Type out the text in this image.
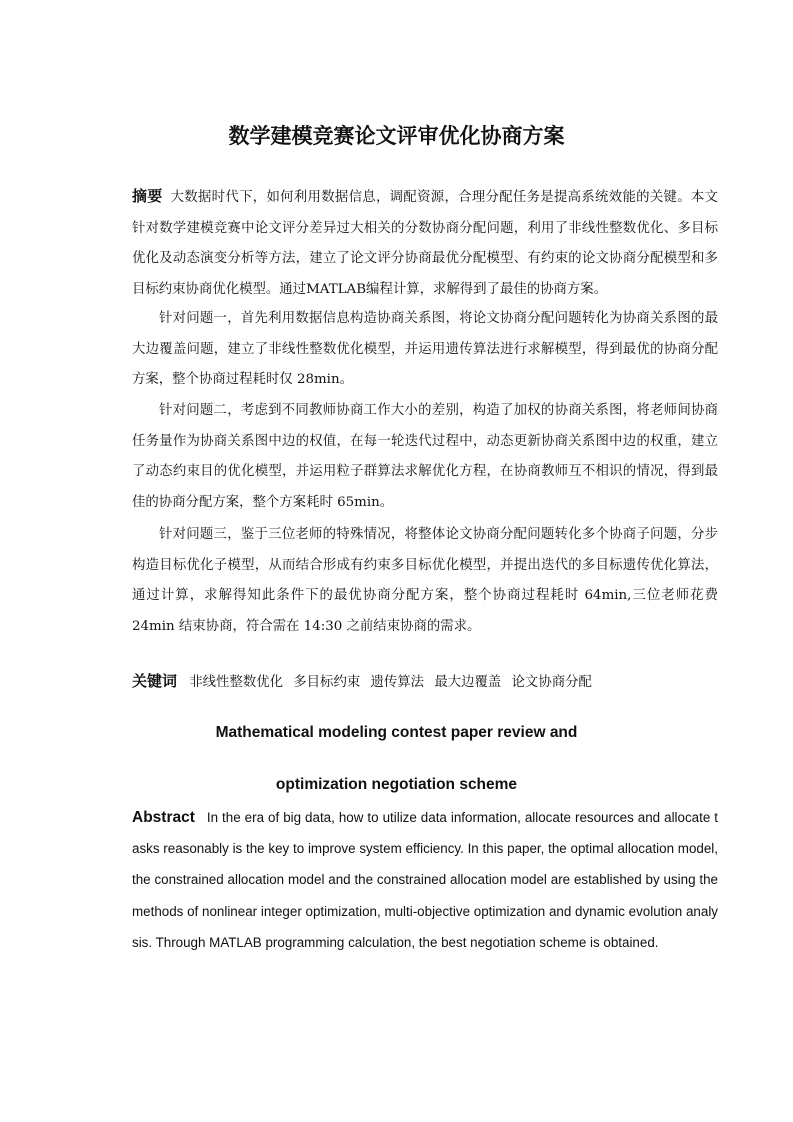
数学建模竞赛论文评审优化协商方案

摘要 大数据时代下，如何利用数据信息，调配资源，合理分配任务是提高系统效能的关键。本文针对数学建模竞赛中论文评分差异过大相关的分数协商分配问题，利用了非线性整数优化、多目标优化及动态演变分析等方法，建立了论文评分协商最优分配模型、有约束的论文协商分配模型和多目标约束协商优化模型。通过MATLAB编程计算，求解得到了最佳的协商方案。

针对问题一，首先利用数据信息构造协商关系图，将论文协商分配问题转化为协商关系图的最大边覆盖问题，建立了非线性整数优化模型，并运用遗传算法进行求解模型，得到最优的协商分配方案，整个协商过程耗时仅 28min。

针对问题二，考虑到不同教师协商工作大小的差别，构造了加权的协商关系图，将老师间协商任务量作为协商关系图中边的权值，在每一轮迭代过程中，动态更新协商关系图中边的权重，建立了动态约束目的优化模型，并运用粒子群算法求解优化方程，在协商教师互不相识的情况，得到最佳的协商分配方案，整个方案耗时 65min。

针对问题三，鉴于三位老师的特殊情况，将整体论文协商分配问题转化多个协商子问题，分步构造目标优化子模型，从而结合形成有约束多目标优化模型，并提出迭代的多目标遗传优化算法，通过计算，求解得知此条件下的最优协商分配方案，整个协商过程耗时 64min,三位老师花费 24min 结束协商，符合需在 14:30 之前结束协商的需求。

关键词 非线性整数优化 多目标约束 遗传算法 最大边覆盖 论文协商分配

Mathematical modeling contest paper review and
optimization negotiation scheme

Abstract In the era of big data, how to utilize data information, allocate resources and allocate tasks reasonably is the key to improve system efficiency. In this paper, the optimal allocation model, the constrained allocation model and the constrained allocation model are established by using the methods of nonlinear integer optimization, multi-objective optimization and dynamic evolution analysis. Through MATLAB programming calculation, the best negotiation scheme is obtained.
